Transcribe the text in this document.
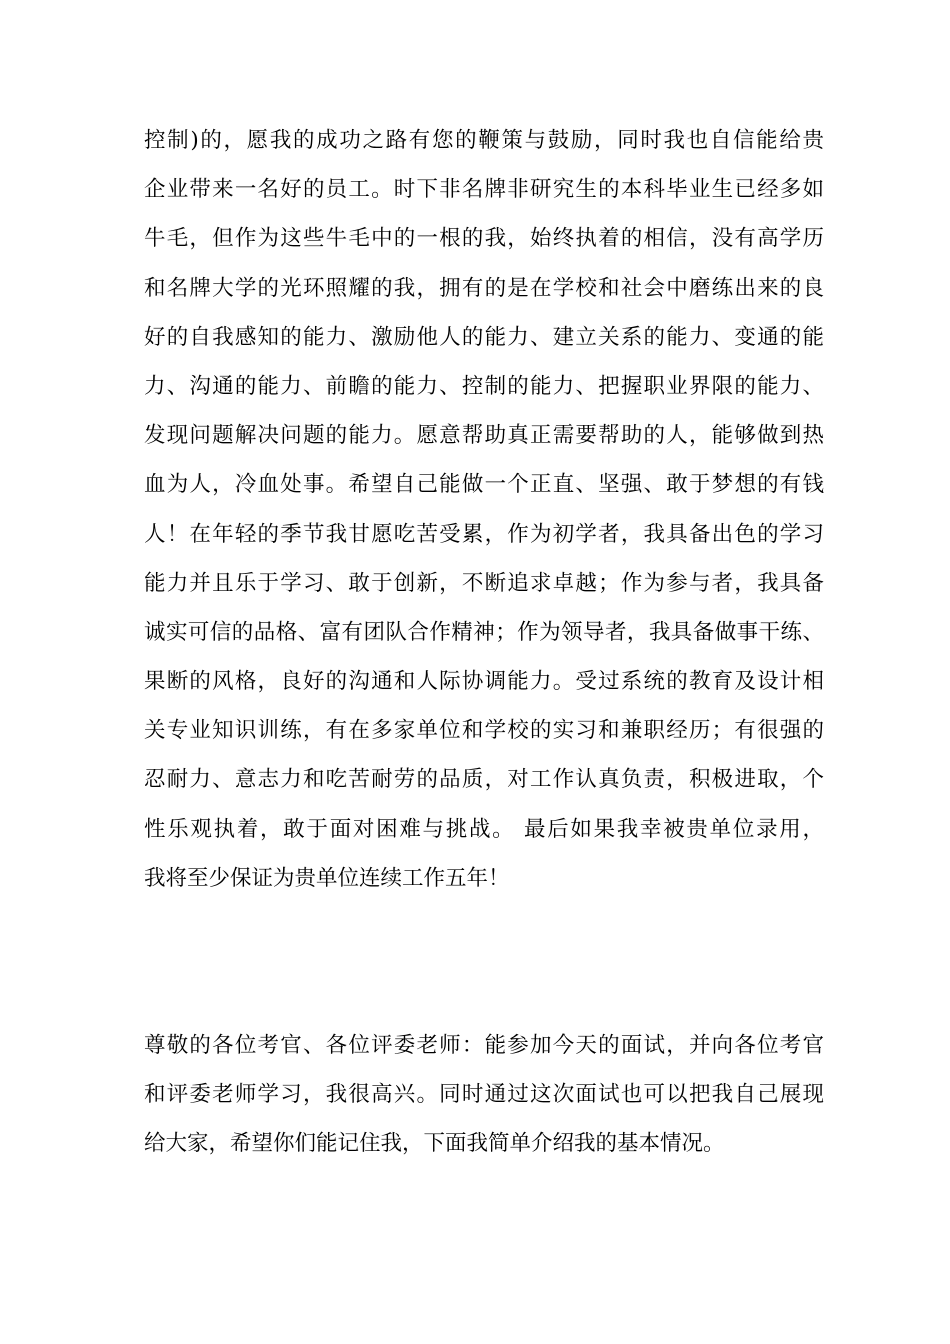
控制)的，愿我的成功之路有您的鞭策与鼓励，同时我也自信能给贵
企业带来一名好的员工。时下非名牌非研究生的本科毕业生已经多如
牛毛，但作为这些牛毛中的一根的我，始终执着的相信，没有高学历
和名牌大学的光环照耀的我，拥有的是在学校和社会中磨练出来的良
好的自我感知的能力、激励他人的能力、建立关系的能力、变通的能
力、沟通的能力、前瞻的能力、控制的能力、把握职业界限的能力、
发现问题解决问题的能力。愿意帮助真正需要帮助的人，能够做到热
血为人，冷血处事。希望自己能做一个正直、坚强、敢于梦想的有钱
人！在年轻的季节我甘愿吃苦受累，作为初学者，我具备出色的学习
能力并且乐于学习、敢于创新，不断追求卓越；作为参与者，我具备
诚实可信的品格、富有团队合作精神；作为领导者，我具备做事干练、
果断的风格，良好的沟通和人际协调能力。受过系统的教育及设计相
关专业知识训练，有在多家单位和学校的实习和兼职经历；有很强的
忍耐力、意志力和吃苦耐劳的品质，对工作认真负责，积极进取，个
性乐观执着，敢于面对困难与挑战。 最后如果我幸被贵单位录用，
我将至少保证为贵单位连续工作五年！
尊敬的各位考官、各位评委老师：能参加今天的面试，并向各位考官
和评委老师学习，我很高兴。同时通过这次面试也可以把我自己展现
给大家，希望你们能记住我，下面我简单介绍我的基本情况。
